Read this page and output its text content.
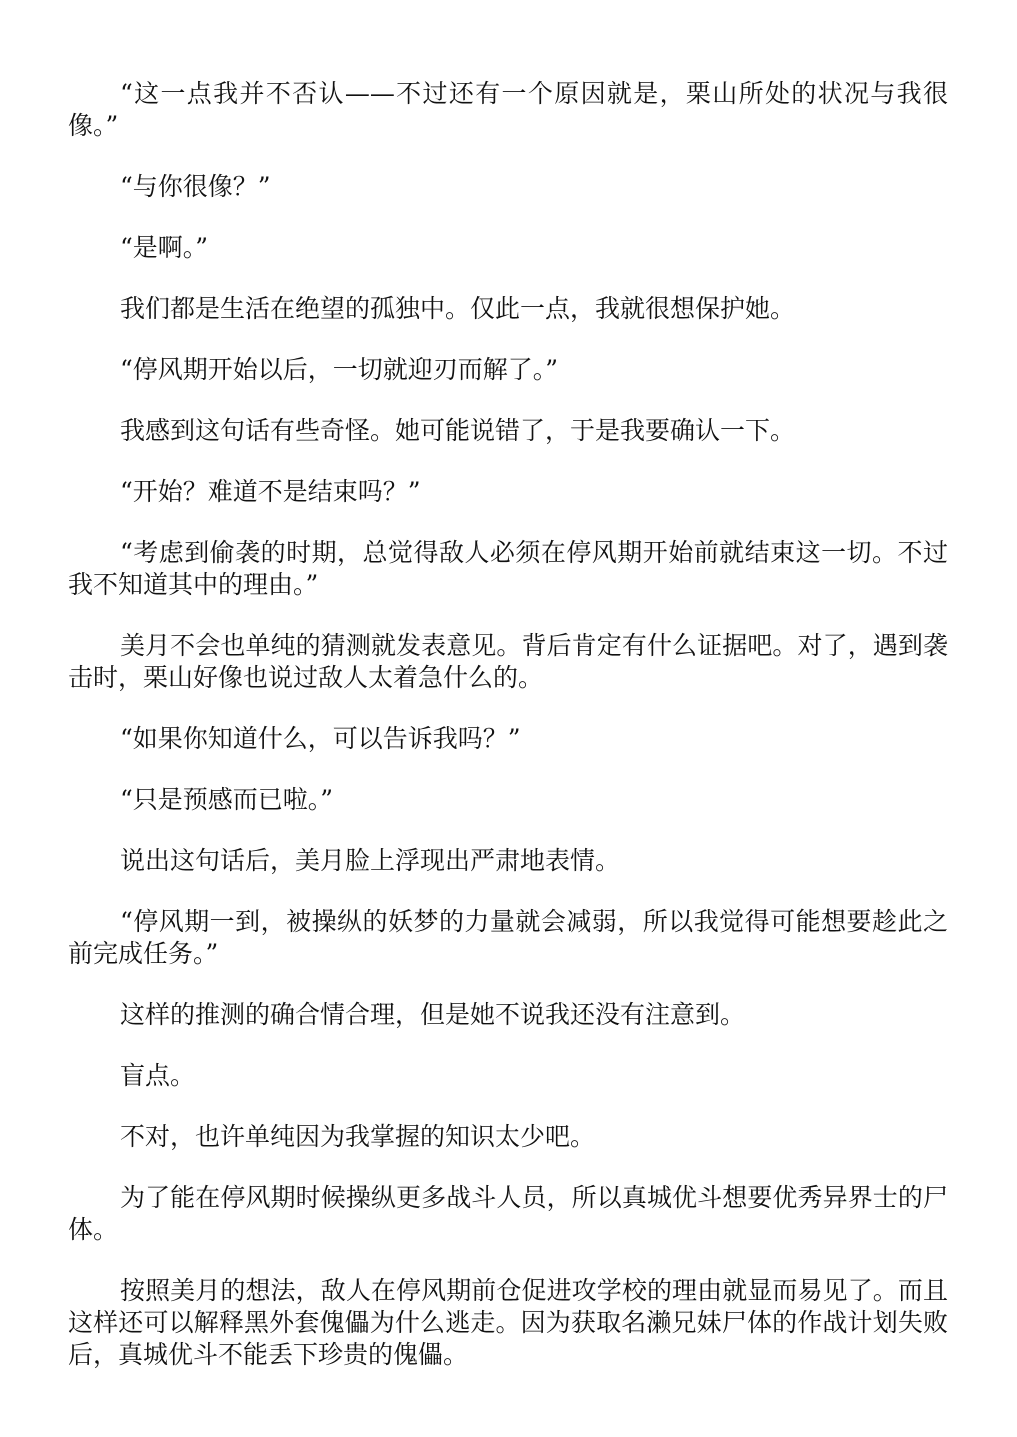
“这一点我并不否认——不过还有一个原因就是，栗山所处的状况与我很像。”

“与你很像？”

“是啊。”

我们都是生活在绝望的孤独中。仅此一点，我就很想保护她。

“停风期开始以后，一切就迎刃而解了。”

我感到这句话有些奇怪。她可能说错了，于是我要确认一下。

“开始？难道不是结束吗？”

“考虑到偷袭的时期，总觉得敌人必须在停风期开始前就结束这一切。不过我不知道其中的理由。”

美月不会也单纯的猜测就发表意见。背后肯定有什么证据吧。对了，遇到袭击时，栗山好像也说过敌人太着急什么的。

“如果你知道什么，可以告诉我吗？”

“只是预感而已啦。”

说出这句话后，美月脸上浮现出严肃地表情。

“停风期一到，被操纵的妖梦的力量就会减弱，所以我觉得可能想要趁此之前完成任务。”

这样的推测的确合情合理，但是她不说我还没有注意到。

盲点。

不对，也许单纯因为我掌握的知识太少吧。

为了能在停风期时候操纵更多战斗人员，所以真城优斗想要优秀异界士的尸体。

按照美月的想法，敌人在停风期前仓促进攻学校的理由就显而易见了。而且这样还可以解释黑外套傀儡为什么逃走。因为获取名濑兄妹尸体的作战计划失败后，真城优斗不能丢下珍贵的傀儡。
